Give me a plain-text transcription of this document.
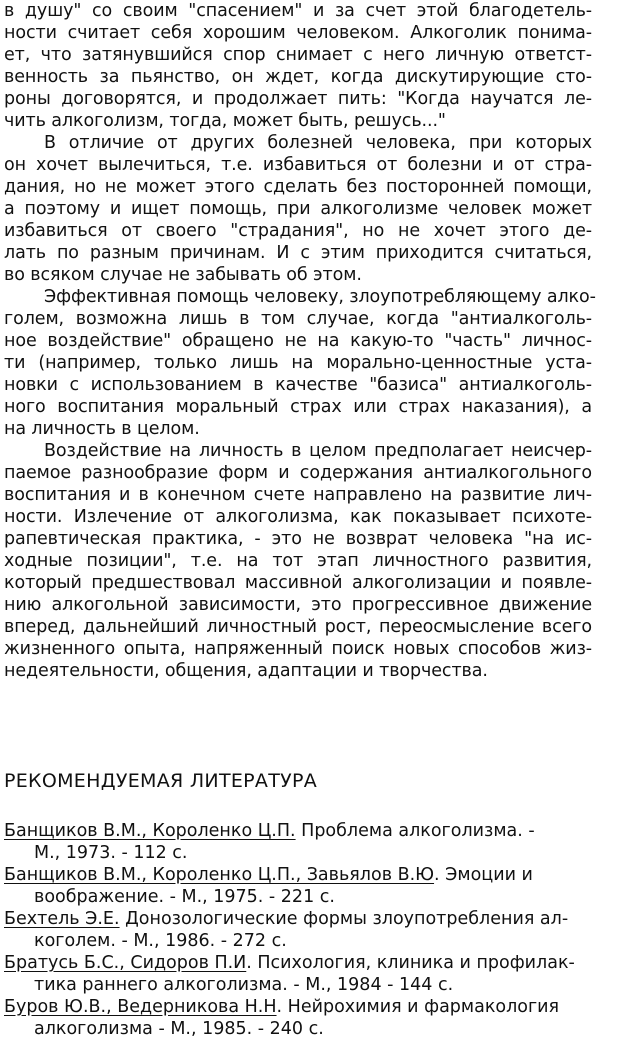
в душу" со своим "спасением" и за счет этой благодетель-
ности считает себя хорошим человеком. Алкоголик понима-
ет, что затянувшийся спор снимает с него личную ответст-
венность за пьянство, он ждет, когда дискутирующие сто-
роны договорятся, и продолжает пить: "Когда научатся ле-
чить алкоголизм, тогда, может быть, решусь..."
В отличие от других болезней человека, при которых
он хочет вылечиться, т.е. избавиться от болезни и от стра-
дания, но не может этого сделать без посторонней помощи,
а поэтому и ищет помощь, при алкоголизме человек может
избавиться от своего "страдания", но не хочет этого де-
лать по разным причинам. И с этим приходится считаться,
во всяком случае не забывать об этом.
Эффективная помощь человеку, злоупотребляющему алко-
голем, возможна лишь в том случае, когда "антиалкоголь-
ное воздействие" обращено не на какую-то "часть" личнос-
ти (например, только лишь на морально-ценностные уста-
новки с использованием в качестве "базиса" антиалкоголь-
ного воспитания моральный страх или страх наказания), а
на личность в целом.
Воздействие на личность в целом предполагает неисчер-
паемое разнообразие форм и содержания антиалкогольного
воспитания и в конечном счете направлено на развитие лич-
ности. Излечение от алкоголизма, как показывает психоте-
рапевтическая практика, - это не возврат человека "на ис-
ходные позиции", т.е. на тот этап личностного развития,
который предшествовал массивной алкоголизации и появле-
нию алкогольной зависимости, это прогрессивное движение
вперед, дальнейший личностный рост, переосмысление всего
жизненного опыта, напряженный поиск новых способов жиз-
недеятельности, общения, адаптации и творчества.
РЕКОМЕНДУЕМАЯ ЛИТЕРАТУРА
Банщиков В.М., Короленко Ц.П. Проблема алкоголизма. -
М., 1973. - 112 с.
Банщиков В.М., Короленко Ц.П., Завьялов В.Ю. Эмоции и
воображение. - М., 1975. - 221 с.
Бехтель Э.Е. Донозологические формы злоупотребления ал-
коголем. - М., 1986. - 272 с.
Братусь Б.С., Сидоров П.И. Психология, клиника и профилак-
тика раннего алкоголизма. - М., 1984 - 144 с.
Буров Ю.В., Ведерникова Н.Н. Нейрохимия и фармакология
алкоголизма - М., 1985. - 240 с.
